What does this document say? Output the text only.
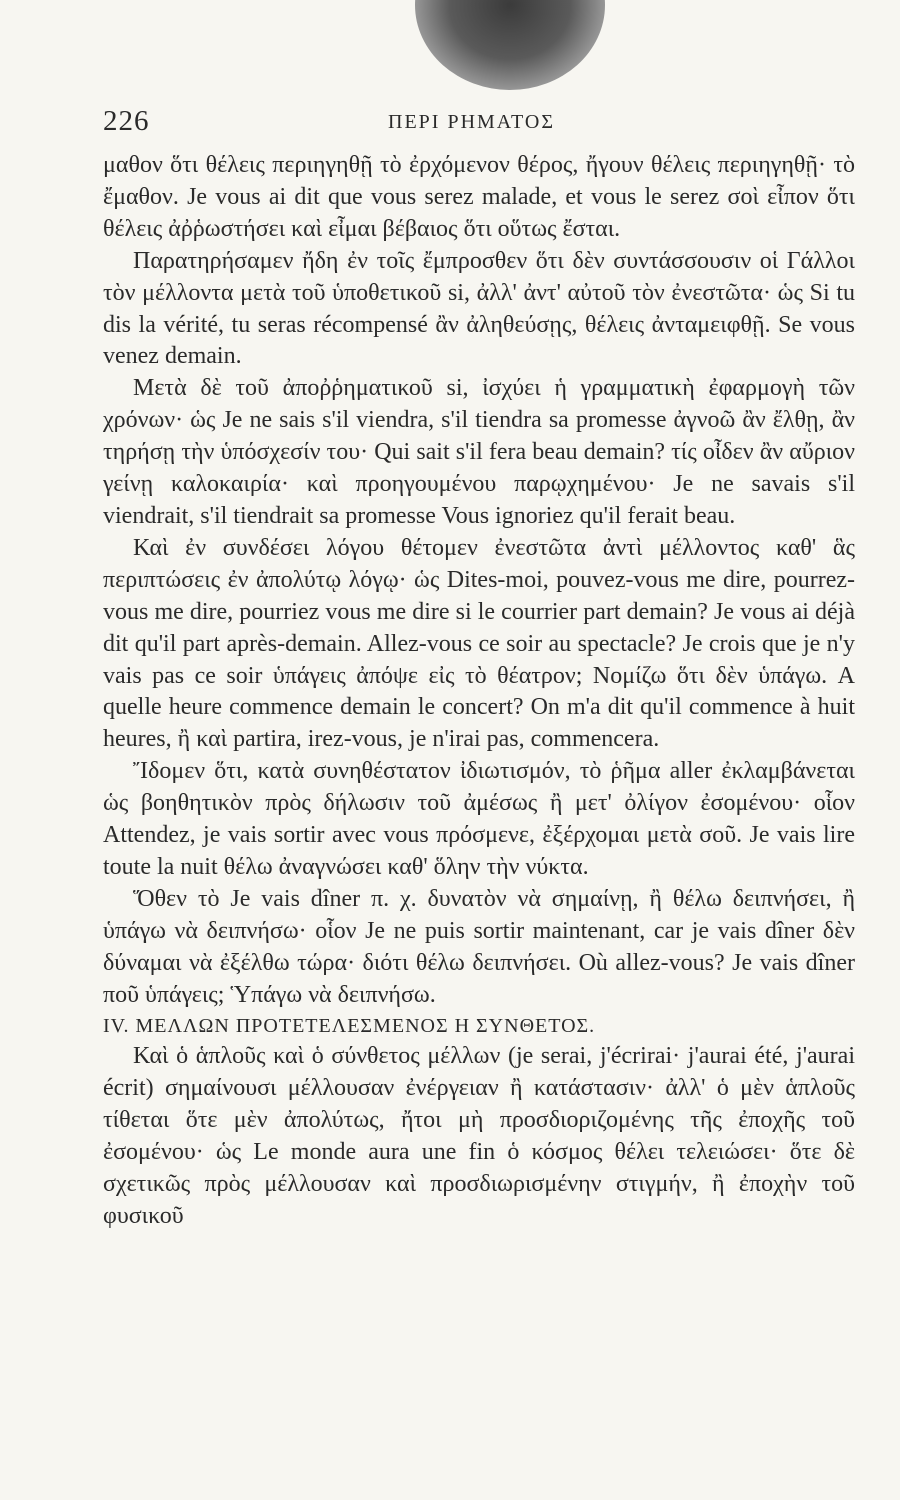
226	ΠΕΡΙ ΡΗΜΑΤΟΣ

μαθον ὅτι θέλεις περιηγηθῇ τὸ ἐρχόμενον θέρος, ἤγουν θέλεις περιηγηθῇ· τὸ ἔμαθον. Je vous ai dit que vous serez malade, et vous le serez σοὶ εἶπον ὅτι θέλεις ἀῤῥωστήσει καὶ εἶμαι βέβαιος ὅτι οὕτως ἔσται.

Παρατηρήσαμεν ἤδη ἐν τοῖς ἔμπροσθεν ὅτι δὲν συντάσσουσιν οἱ Γάλλοι τὸν μέλλοντα μετὰ τοῦ ὑποθετικοῦ si, ἀλλ' ἀντ' αὐτοῦ τὸν ἐνεστῶτα· ὡς Si tu dis la vérité, tu seras récompensé ἂν ἀληθεύσῃς, θέλεις ἀνταμειφθῇ. Se vous venez demain.

Μετὰ δὲ τοῦ ἀποῤῥηματικοῦ si, ἰσχύει ἡ γραμματικὴ ἐφαρμογὴ τῶν χρόνων· ὡς Je ne sais s'il viendra, s'il tiendra sa promesse ἀγνοῶ ἂν ἔλθῃ, ἂν τηρήσῃ τὴν ὑπόσχεσίν του· Qui sait s'il fera beau demain? τίς οἶδεν ἂν αὔριον γείνῃ καλοκαιρία· καὶ προηγουμένου παρῳχημένου· Je ne savais s'il viendrait, s'il tiendrait sa promesse Vous ignoriez qu'il ferait beau.

Καὶ ἐν συνδέσει λόγου θέτομεν ἐνεστῶτα ἀντὶ μέλλοντος καθ' ἃς περιπτώσεις ἐν ἀπολύτῳ λόγῳ· ὡς Dites-moi, pouvez-vous me dire, pourrez-vous me dire, pourriez vous me dire si le courrier part demain? Je vous ai déjà dit qu'il part après-demain. Allez-vous ce soir au spectacle? Je crois que je n'y vais pas ce soir ὑπάγεις ἀπόψε εἰς τὸ θέατρον; Νομίζω ὅτι δὲν ὑπάγω. A quelle heure commence demain le concert? On m'a dit qu'il commence à huit heures, ἢ καὶ partira, irez-vous, je n'irai pas, commencera.

Ἴδομεν ὅτι, κατὰ συνηθέστατον ἰδιωτισμόν, τὸ ῥῆμα aller ἐκλαμβάνεται ὡς βοηθητικὸν πρὸς δήλωσιν τοῦ ἀμέσως ἢ μετ' ὀλίγον ἐσομένου· οἷον Attendez, je vais sortir avec vous πρόσμενε, ἐξέρχομαι μετὰ σοῦ. Je vais lire toute la nuit θέλω ἀναγνώσει καθ' ὅλην τὴν νύκτα.

Ὅθεν τὸ Je vais dîner π. χ. δυνατὸν νὰ σημαίνῃ, ἢ θέλω δειπνήσει, ἢ ὑπάγω νὰ δειπνήσω· οἷον Je ne puis sortir maintenant, car je vais dîner δὲν δύναμαι νὰ ἐξέλθω τώρα· διότι θέλω δειπνήσει. Où allez-vous? Je vais dîner ποῦ ὑπάγεις; Ὑπάγω νὰ δειπνήσω.

IV. ΜΕΛΛΩΝ ΠΡΟΤΕΤΕΛΕΣΜΕΝΟΣ Η ΣΥΝΘΕΤΟΣ.

Καὶ ὁ ἁπλοῦς καὶ ὁ σύνθετος μέλλων (je serai, j'écrirai· j'aurai été, j'aurai écrit) σημαίνουσι μέλλουσαν ἐνέργειαν ἢ κατάστασιν· ἀλλ' ὁ μὲν ἁπλοῦς τίθεται ὅτε μὲν ἀπολύτως, ἤτοι μὴ προσδιοριζομένης τῆς ἐποχῆς τοῦ ἐσομένου· ὡς Le monde aura une fin ὁ κόσμος θέλει τελειώσει· ὅτε δὲ σχετικῶς πρὸς μέλλουσαν καὶ προσδιωρισμένην στιγμήν, ἢ ἐποχὴν τοῦ φυσικοῦ
